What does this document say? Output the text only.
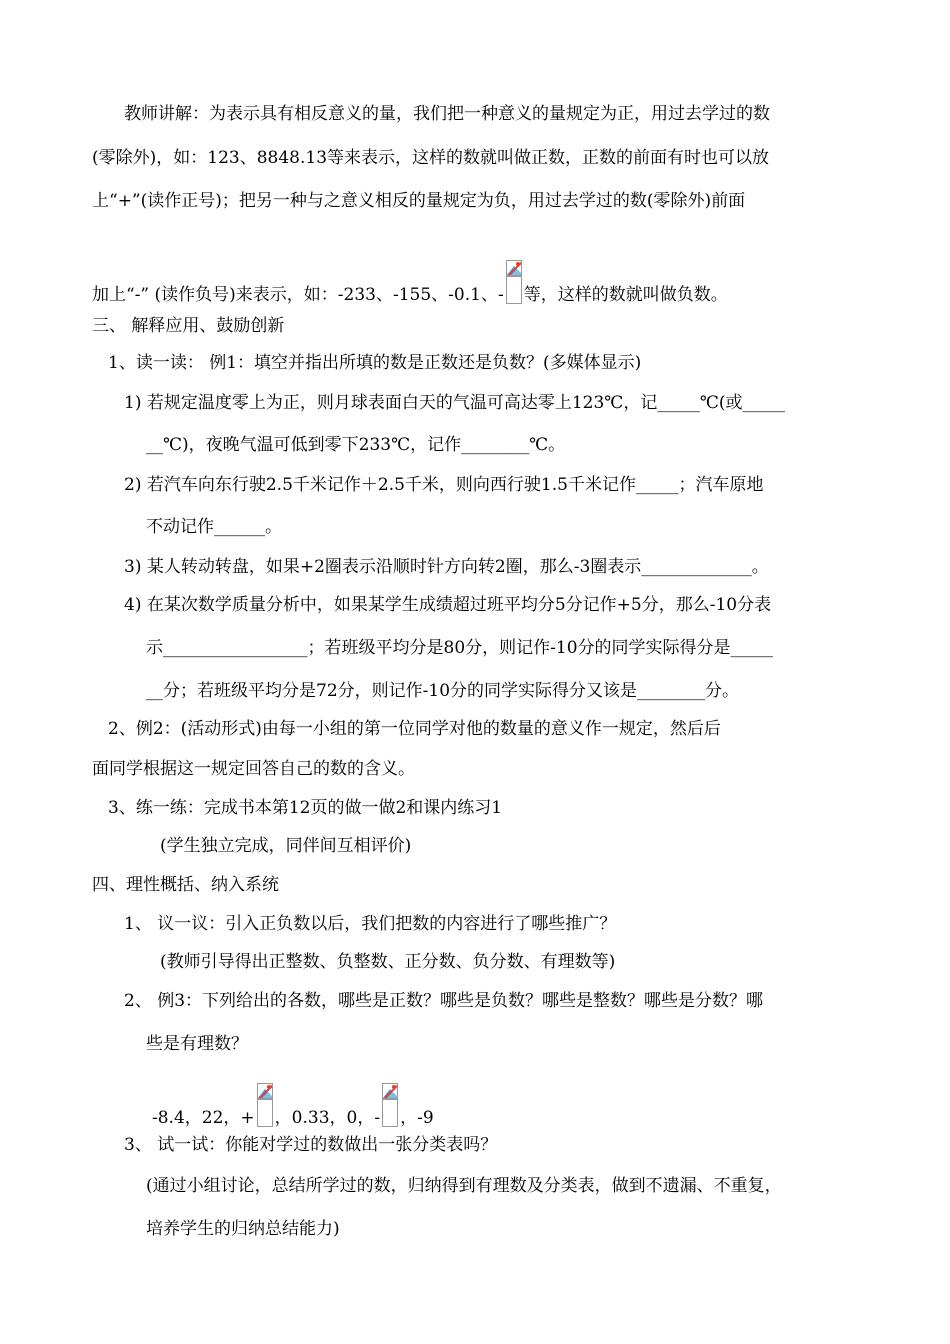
教师讲解：为表示具有相反意义的量，我们把一种意义的量规定为正，用过去学过的数
(零除外)，如：123、8848.13等来表示，这样的数就叫做正数，正数的前面有时也可以放
上“+”(读作正号)；把另一种与之意义相反的量规定为负，用过去学过的数(零除外)前面
加上“-” (读作负号)来表示，如：-233、-155、-0.1、- 等，这样的数就叫做负数。
三、 解释应用、鼓励创新
1、读一读： 例1：填空并指出所填的数是正数还是负数？(多媒体显示)
1) 若规定温度零上为正，则月球表面白天的气温可高达零上123℃，记_____℃(或_____
__℃)，夜晚气温可低到零下233℃，记作________℃。
2) 若汽车向东行驶2.5千米记作＋2.5千米，则向西行驶1.5千米记作_____；汽车原地
不动记作______。
3) 某人转动转盘，如果+2圈表示沿顺时针方向转2圈，那么-3圈表示_____________。
4) 在某次数学质量分析中，如果某学生成绩超过班平均分5分记作+5分，那么-10分表
示_________________；若班级平均分是80分，则记作-10分的同学实际得分是_____
__分；若班级平均分是72分，则记作-10分的同学实际得分又该是________分。
2、例2：(活动形式)由每一小组的第一位同学对他的数量的意义作一规定，然后后
面同学根据这一规定回答自己的数的含义。
3、练一练：完成书本第12页的做一做2和课内练习1
(学生独立完成，同伴间互相评价)
四、理性概括、纳入系统
1、 议一议：引入正负数以后，我们把数的内容进行了哪些推广？
(教师引导得出正整数、负整数、正分数、负分数、有理数等)
2、 例3：下列给出的各数，哪些是正数？哪些是负数？哪些是整数？哪些是分数？哪
些是有理数？
-8.4，22，+ ，0.33，0，- ，-9
3、 试一试：你能对学过的数做出一张分类表吗？
(通过小组讨论，总结所学过的数，归纳得到有理数及分类表，做到不遗漏、不重复，
培养学生的归纳总结能力)
